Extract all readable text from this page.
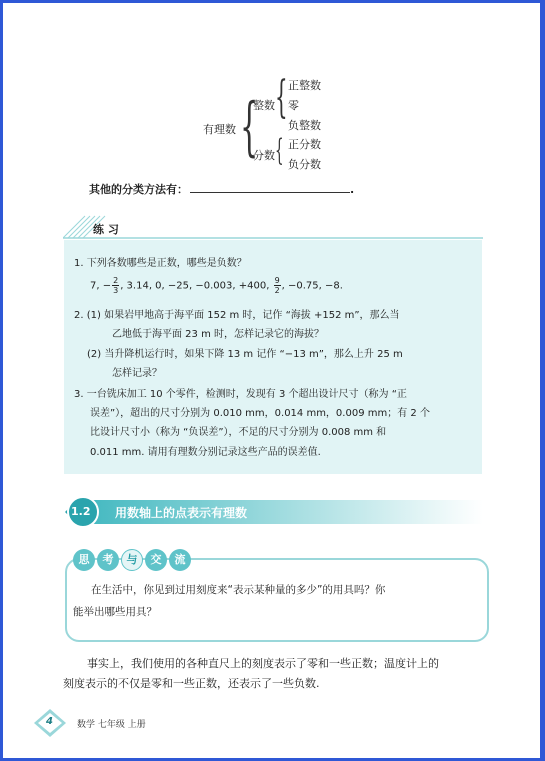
有理数 {
整数 { 正整数
零
负整数
分数 { 正分数
负分数
其他的分类方法有：	.
练 习
1. 下列各数哪些是正数，哪些是负数？
7, − $\frac{2}{3}$ , 3.14, 0, −25, −0.003, +400, $\frac{9}{2}$ , −0.75, −8.
2. (1) 如果岩甲地高于海平面 152 m 时，记作 “海拔 +152 m”，那么当
乙地低于海平面 23 m 时，怎样记录它的海拔？
(2) 当升降机运行时，如果下降 13 m 记作 “−13 m”，那么上升 25 m
怎样记录？
3. 一台铣床加工 10 个零件，检测时，发现有 3 个超出设计尺寸（称为 “正
误差”），超出的尺寸分别为 0.010 mm，0.014 mm，0.009 mm；有 2 个
比设计尺寸小（称为 “负误差”），不足的尺寸分别为 0.008 mm 和
0.011 mm. 请用有理数分别记录这些产品的误差值.
1.2 用数轴上的点表示有理数
在生活中，你见到过用刻度来“表示某种量的多少”的用具吗？你
能举出哪些用具？
思 考 与 交 流
事实上，我们使用的各种直尺上的刻度表示了零和一些正数；温度计上的
刻度表示的不仅是零和一些正数，还表示了一些负数.
4	数学 七年级 上册
